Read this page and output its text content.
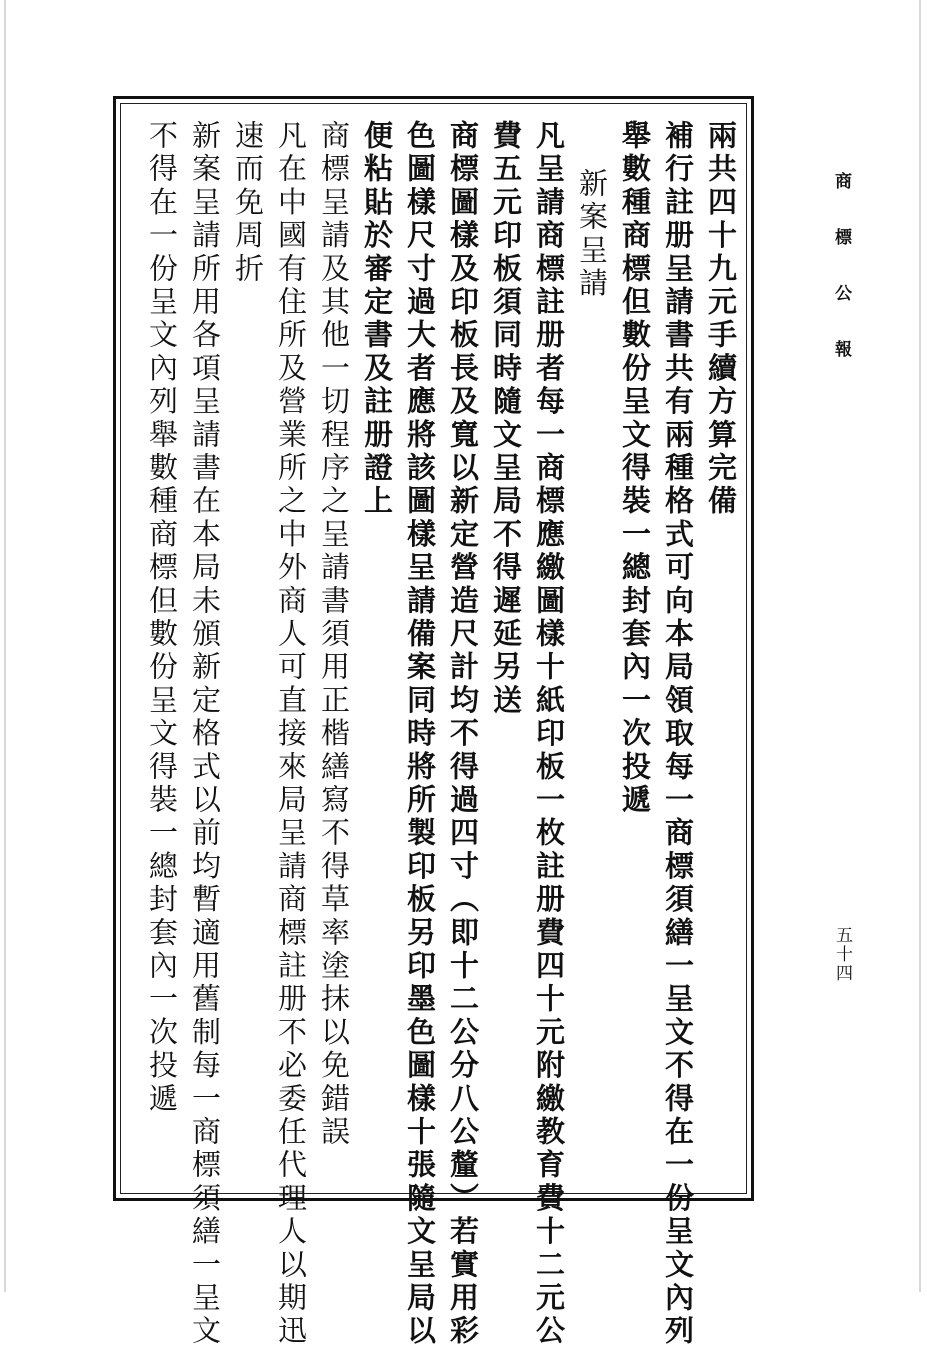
商標公報
五十四
兩共四十九元手續方算完備
補行註册呈請書共有兩種格式可向本局領取每一商標須繕一呈文不得在一份呈文內列
舉數種商標但數份呈文得裝一總封套內一次投遞
新案呈請
凡呈請商標註册者每一商標應繳圖樣十紙印板一枚註册費四十元附繳教育費十二元公
費五元印板須同時隨文呈局不得遲延另送
商標圖樣及印板長及寬以新定營造尺計均不得過四寸（即十二公分八公釐）若實用彩
色圖樣尺寸過大者應將該圖樣呈請備案同時將所製印板另印墨色圖樣十張隨文呈局以
便粘貼於審定書及註册證上
商標呈請及其他一切程序之呈請書須用正楷繕寫不得草率塗抹以免錯誤
凡在中國有住所及營業所之中外商人可直接來局呈請商標註册不必委任代理人以期迅
速而免周折
新案呈請所用各項呈請書在本局未頒新定格式以前均暫適用舊制每一商標須繕一呈文
不得在一份呈文內列舉數種商標但數份呈文得裝一總封套內一次投遞
